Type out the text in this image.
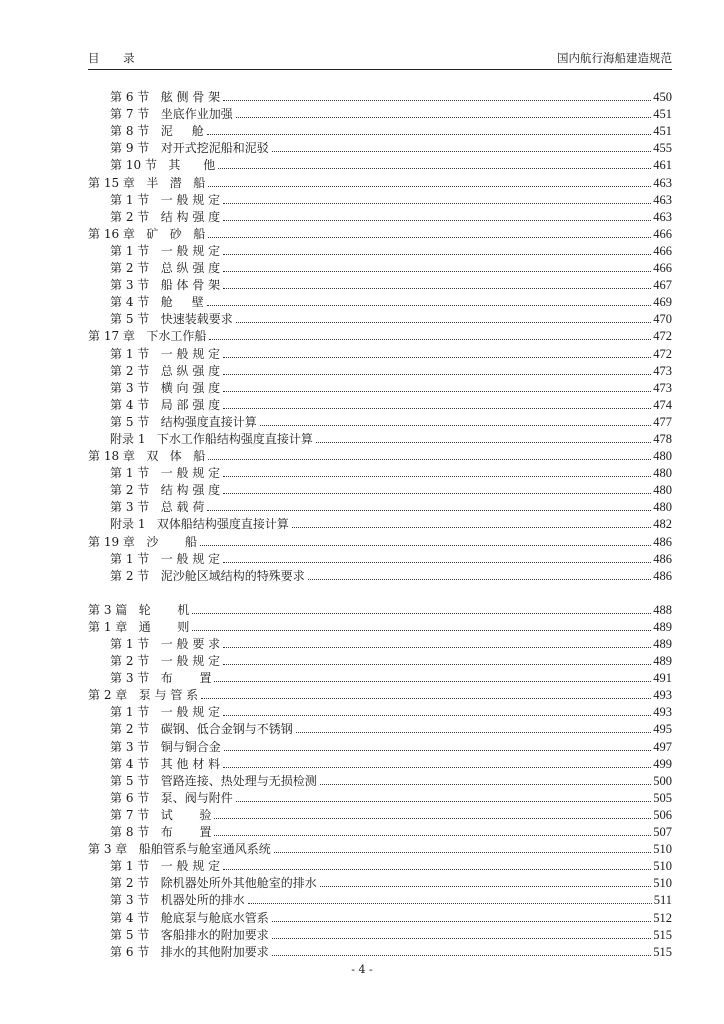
目 录	国内航行海船建造规范
第 6 节   舷 侧 骨 架	450
第 7 节   坐底作业加强	451
第 8 节   泥     舱	451
第 9 节   对开式挖泥船和泥驳	455
第 10 节   其      他	461
第 15 章   半   潜   船	463
第 1 节   一 般 规 定	463
第 2 节   结 构 强 度	463
第 16 章   矿   砂   船	466
第 1 节   一 般 规 定	466
第 2 节   总 纵 强 度	466
第 3 节   船 体 骨 架	467
第 4 节   舱     壁	469
第 5 节   快速装载要求	470
第 17 章   下水工作船	472
第 1 节   一 般 规 定	472
第 2 节   总 纵 强 度	473
第 3 节   横 向 强 度	473
第 4 节   局 部 强 度	474
第 5 节   结构强度直接计算	477
附录 1   下水工作船结构强度直接计算	478
第 18 章   双   体   船	480
第 1 节   一 般 规 定	480
第 2 节   结 构 强 度	480
第 3 节   总 载 荷	480
附录 1   双体船结构强度直接计算	482
第 19 章   沙       船	486
第 1 节   一 般 规 定	486
第 2 节   泥沙舱区域结构的特殊要求	486
第 3 篇   轮       机	488
第 1 章   通       则	489
第 1 节   一 般 要 求	489
第 2 节   一 般 规 定	489
第 3 节   布       置	491
第 2 章   泵 与 管 系	493
第 1 节   一 般 规 定	493
第 2 节   碳钢、低合金钢与不锈钢	495
第 3 节   铜与铜合金	497
第 4 节   其 他 材 料	499
第 5 节   管路连接、热处理与无损检测	500
第 6 节   泵、阀与附件	505
第 7 节   试       验	506
第 8 节   布       置	507
第 3 章   船舶管系与舱室通风系统	510
第 1 节   一 般 规 定	510
第 2 节   除机器处所外其他舱室的排水	510
第 3 节   机器处所的排水	511
第 4 节   舱底泵与舱底水管系	512
第 5 节   客船排水的附加要求	515
第 6 节   排水的其他附加要求	515
- 4 -
